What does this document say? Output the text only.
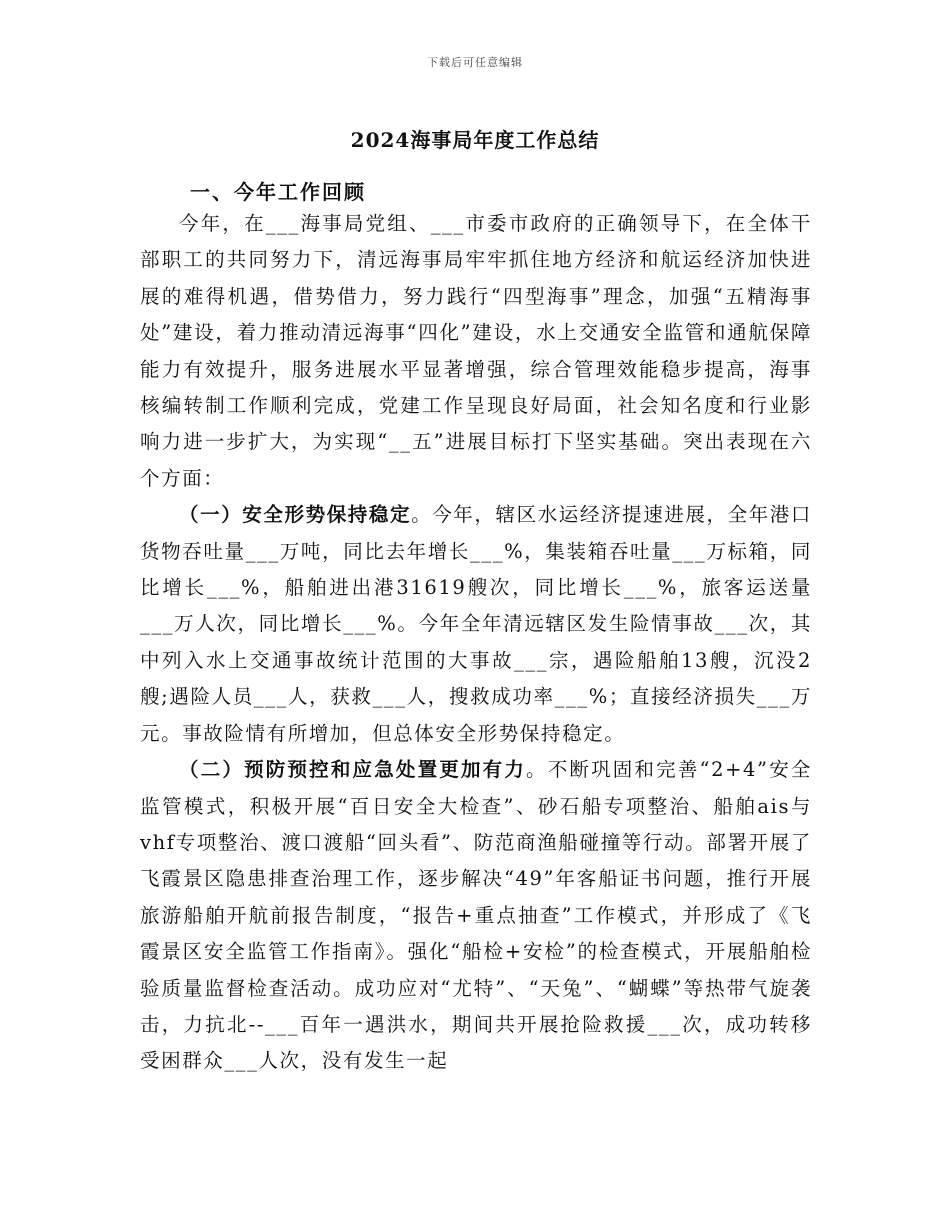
下载后可任意编辑
2024海事局年度工作总结
一、今年工作回顾

今年，在___海事局党组、___市委市政府的正确领导下，在全体干部职工的共同努力下，清远海事局牢牢抓住地方经济和航运经济加快进展的难得机遇，借势借力，努力践行“四型海事”理念，加强“五精海事处”建设，着力推动清远海事“四化”建设，水上交通安全监管和通航保障能力有效提升，服务进展水平显著增强，综合管理效能稳步提高，海事核编转制工作顺利完成，党建工作呈现良好局面，社会知名度和行业影响力进一步扩大，为实现“__五”进展目标打下坚实基础。突出表现在六个方面：

（一）安全形势保持稳定。今年，辖区水运经济提速进展，全年港口货物吞吐量___万吨，同比去年增长___%，集装箱吞吐量___万标箱，同比增长___%，船舶进出港31619艘次，同比增长___%，旅客运送量___万人次，同比增长___%。今年全年清远辖区发生险情事故___次，其中列入水上交通事故统计范围的大事故___宗，遇险船舶13艘，沉没2艘;遇险人员___人，获救___人，搜救成功率___%；直接经济损失___万元。事故险情有所增加，但总体安全形势保持稳定。

（二）预防预控和应急处置更加有力。不断巩固和完善“2+4”安全监管模式，积极开展“百日安全大检查”、砂石船专项整治、船舶ais与vhf专项整治、渡口渡船“回头看”、防范商渔船碰撞等行动。部署开展了飞霞景区隐患排查治理工作，逐步解决“49”年客船证书问题，推行开展旅游船舶开航前报告制度，“报告+重点抽查”工作模式，并形成了《飞霞景区安全监管工作指南》。强化“船检+安检”的检查模式，开展船舶检验质量监督检查活动。成功应对“尤特”、“天兔”、“蝴蝶”等热带气旋袭击，力抗北--___百年一遇洪水，期间共开展抢险救援___次，成功转移受困群众___人次，没有发生一起
